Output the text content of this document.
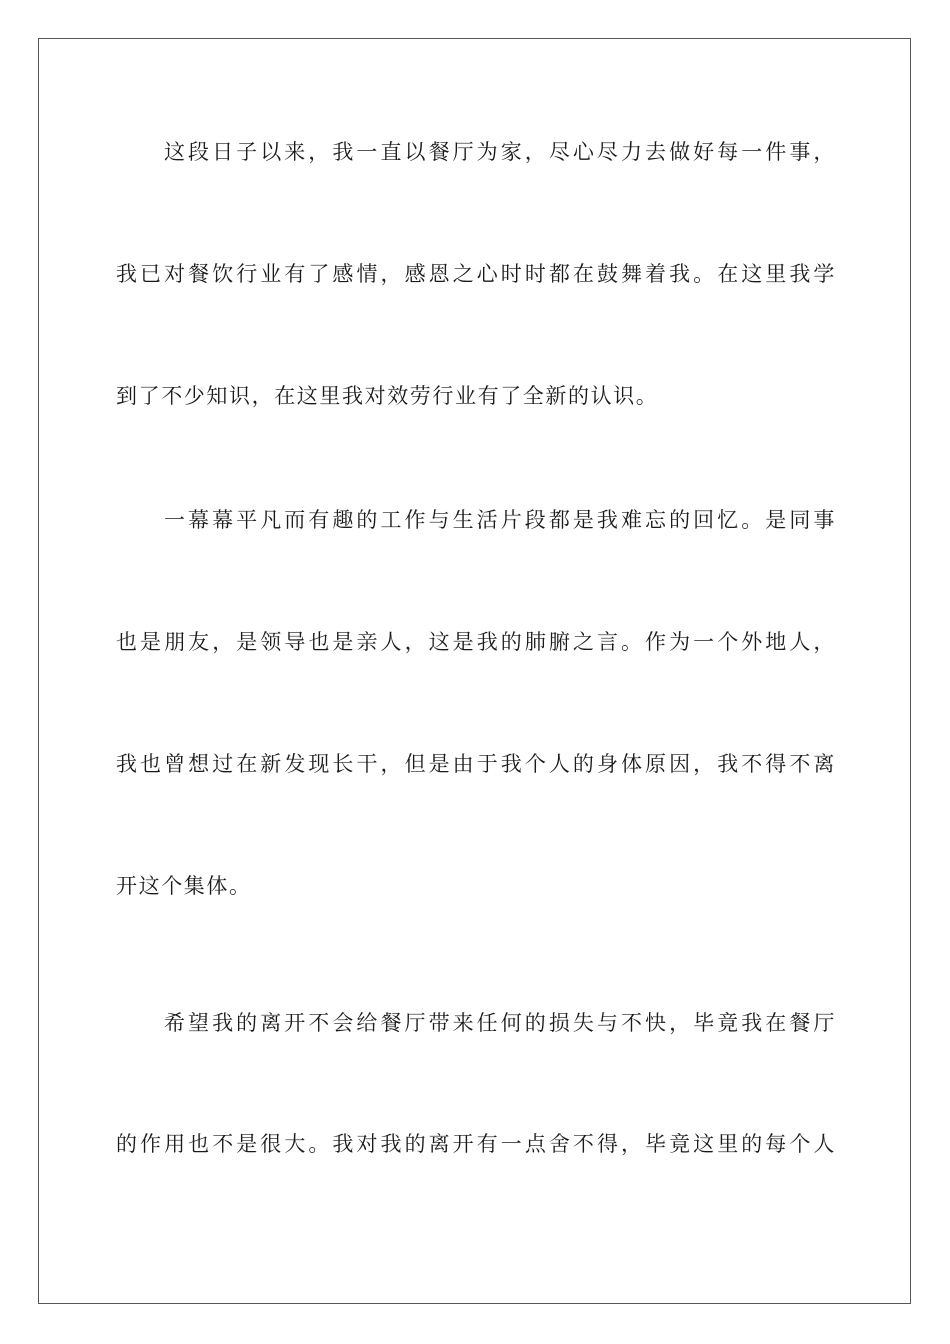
这段日子以来，我一直以餐厅为家，尽心尽力去做好每一件事，
我已对餐饮行业有了感情，感恩之心时时都在鼓舞着我。在这里我学
到了不少知识，在这里我对效劳行业有了全新的认识。
一幕幕平凡而有趣的工作与生活片段都是我难忘的回忆。是同事
也是朋友，是领导也是亲人，这是我的肺腑之言。作为一个外地人，
我也曾想过在新发现长干，但是由于我个人的身体原因，我不得不离
开这个集体。
希望我的离开不会给餐厅带来任何的损失与不快，毕竟我在餐厅
的作用也不是很大。我对我的离开有一点舍不得，毕竟这里的每个人
